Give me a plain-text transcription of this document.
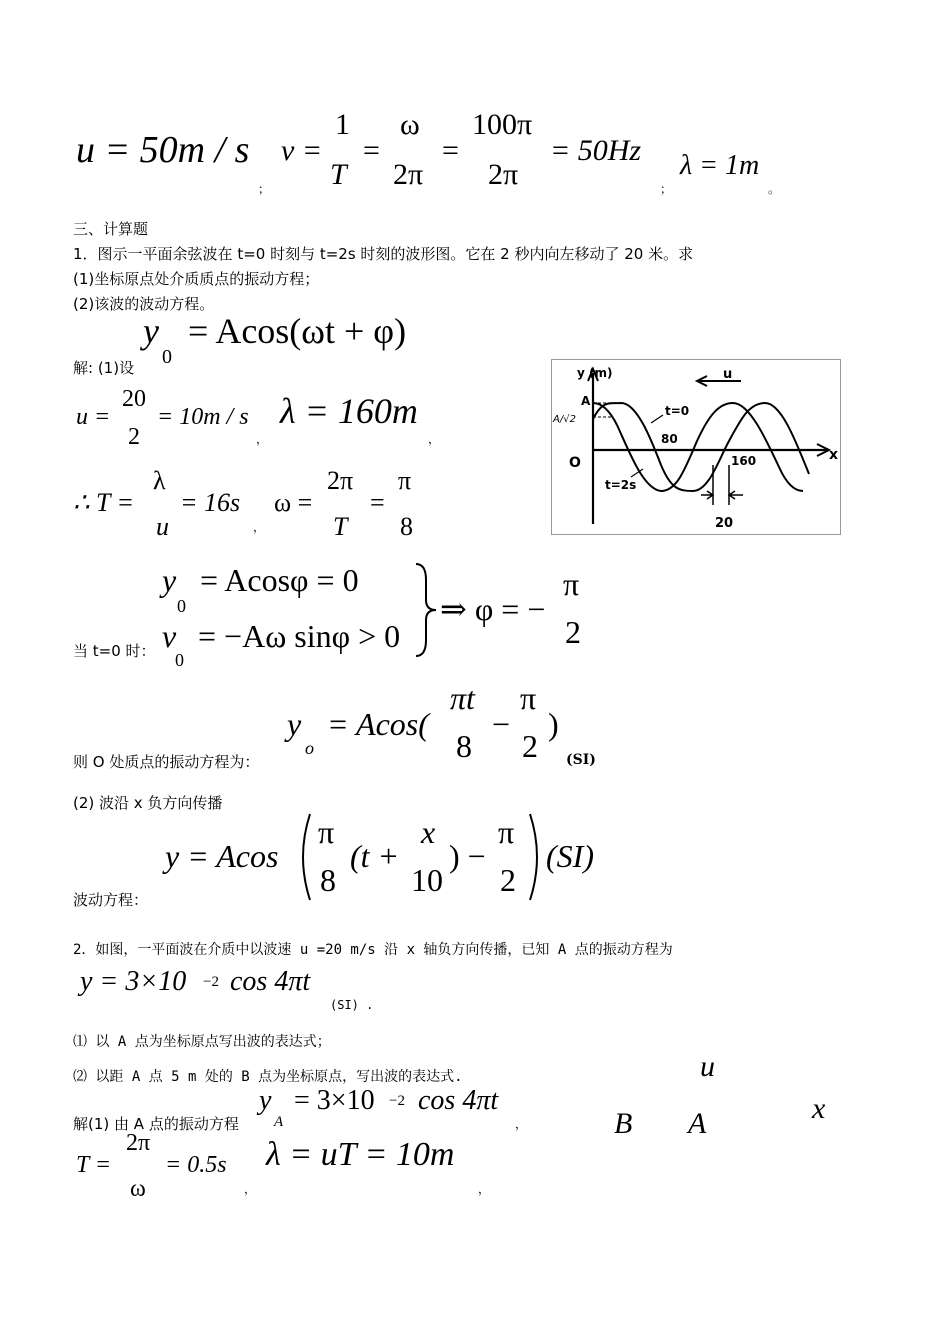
u = 50m / s
；
v =
1
T
=
ω
2π
=
100π
2π
= 50Hz
；
λ = 1m
。
三、计算题
1．图示一平面余弦波在 t=0 时刻与 t=2s 时刻的波形图。它在 2 秒内向左移动了 20 米。求
(1)坐标原点处介质质点的振动方程；
(2)该波的波动方程。
y
0
= Acos(ωt + φ)
解: (1)设
u =
20
2
= 10m / s
，
λ = 160m
，
∴ T =
λ
u
= 16s
，
ω =
2π
T
=
π
8
y
0
= Acosφ = 0
v
0
= −Aω sinφ > 0
⇒ φ = −
π
2
当 t=0 时：
y
o
= Acos(
πt
8
−
π
2
)
(SI)
则 O 处质点的振动方程为：
(2) 波沿 x 负方向传播
y = Acos
π
8
(t +
x
10
) −
π
2
(SI)
波动方程：
2．如图，一平面波在介质中以波速 u =20 m/s 沿 x 轴负方向传播，已知 A 点的振动方程为
y = 3×10 −2 cos 4πt
(SI) .
⑴ 以 A 点为坐标原点写出波的表达式；
⑵ 以距 A 点 5 m 处的 B 点为坐标原点，写出波的表达式.
y
A
= 3×10 −2 cos 4πt
，
解(1) 由 A 点的振动方程
T =
2π
ω
= 0.5s
，
λ = uT = 10m
，
u
x
B A
y (m)	u
A
A/√2
t=0
80
160
O	x
t=2s
20
